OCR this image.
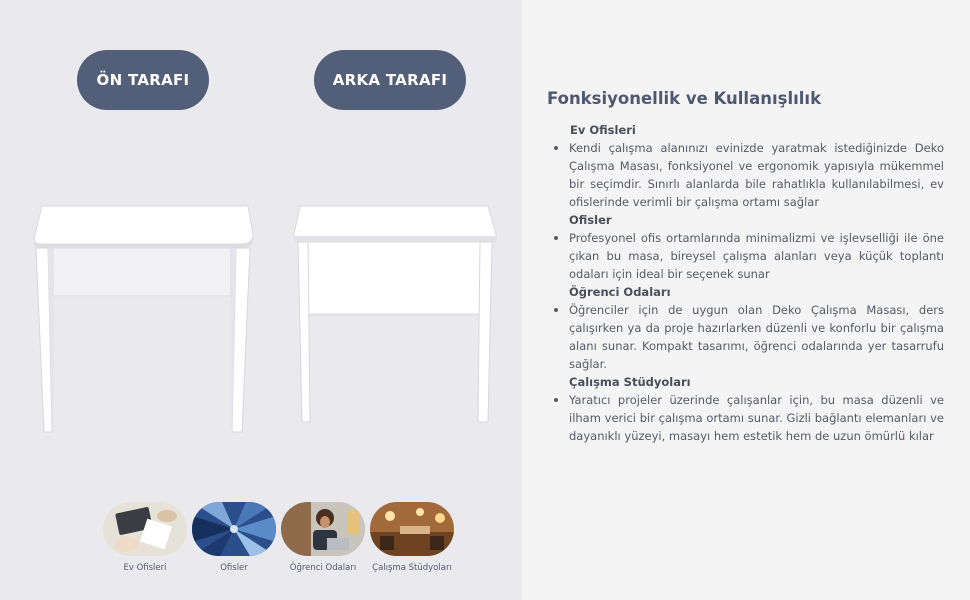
ÖN TARAFI	ARKA TARAFI
Ev Ofisleri	Ofisler	Öğrenci Odaları	Çalışma Stüdyoları
Fonksiyonellik ve Kullanışlılık
Ev Ofisleri
Kendi çalışma alanınızı evinizde yaratmak istediğinizde Deko Çalışma Masası, fonksiyonel ve ergonomik yapısıyla mükemmel bir seçimdir. Sınırlı alanlarda bile rahatlıkla kullanılabilmesi, ev ofislerinde verimli bir çalışma ortamı sağlar
Ofisler
Profesyonel ofis ortamlarında minimalizmi ve işlevselliği ile öne çıkan bu masa, bireysel çalışma alanları veya küçük toplantı odaları için ideal bir seçenek sunar
Öğrenci Odaları
Öğrenciler için de uygun olan Deko Çalışma Masası, ders çalışırken ya da proje hazırlarken düzenli ve konforlu bir çalışma alanı sunar. Kompakt tasarımı, öğrenci odalarında yer tasarrufu sağlar.
Çalışma Stüdyoları
Yaratıcı projeler üzerinde çalışanlar için, bu masa düzenli ve ilham verici bir çalışma ortamı sunar. Gizli bağlantı elemanları ve dayanıklı yüzeyi, masayı hem estetik hem de uzun ömürlü kılar
